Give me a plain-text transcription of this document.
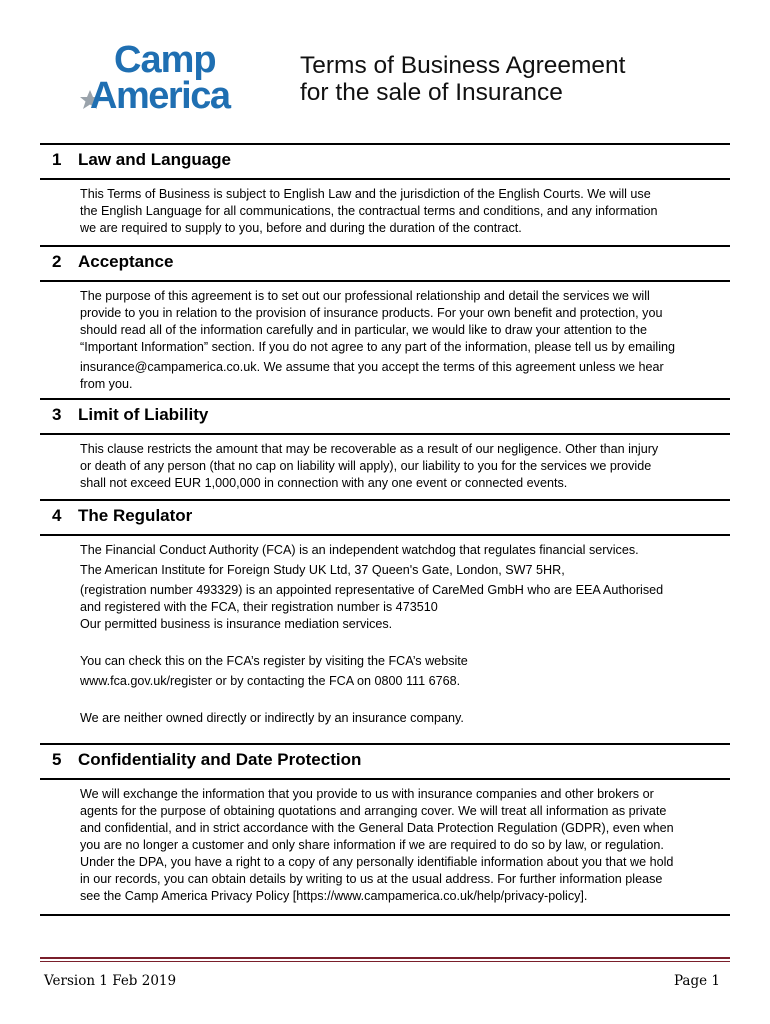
Camp
America
Terms of Business Agreement
for the sale of Insurance
1 Law and Language
This Terms of Business is subject to English Law and the jurisdiction of the English Courts. We will use
the English Language for all communications, the contractual terms and conditions, and any information
we are required to supply to you, before and during the duration of the contract.
2 Acceptance
The purpose of this agreement is to set out our professional relationship and detail the services we will
provide to you in relation to the provision of insurance products. For your own benefit and protection, you
should read all of the information carefully and in particular, we would like to draw your attention to the
“Important Information” section. If you do not agree to any part of the information, please tell us by emailing
insurance@campamerica.co.uk. We assume that you accept the terms of this agreement unless we hear
from you.
3 Limit of Liability
This clause restricts the amount that may be recoverable as a result of our negligence. Other than injury
or death of any person (that no cap on liability will apply), our liability to you for the services we provide
shall not exceed EUR 1,000,000 in connection with any one event or connected events.
4 The Regulator
The Financial Conduct Authority (FCA) is an independent watchdog that regulates financial services.
The American Institute for Foreign Study UK Ltd, 37 Queen's Gate, London, SW7 5HR,
(registration number 493329) is an appointed representative of CareMed GmbH who are EEA Authorised
and registered with the FCA, their registration number is 473510
Our permitted business is insurance mediation services.
You can check this on the FCA’s register by visiting the FCA’s website
www.fca.gov.uk/register or by contacting the FCA on 0800 111 6768.
We are neither owned directly or indirectly by an insurance company.
5 Confidentiality and Date Protection
We will exchange the information that you provide to us with insurance companies and other brokers or
agents for the purpose of obtaining quotations and arranging cover. We will treat all information as private
and confidential, and in strict accordance with the General Data Protection Regulation (GDPR), even when
you are no longer a customer and only share information if we are required to do so by law, or regulation.
Under the DPA, you have a right to a copy of any personally identifiable information about you that we hold
in our records, you can obtain details by writing to us at the usual address. For further information please
see the Camp America Privacy Policy [https://www.campamerica.co.uk/help/privacy-policy].
Version 1 Feb 2019	Page 1
